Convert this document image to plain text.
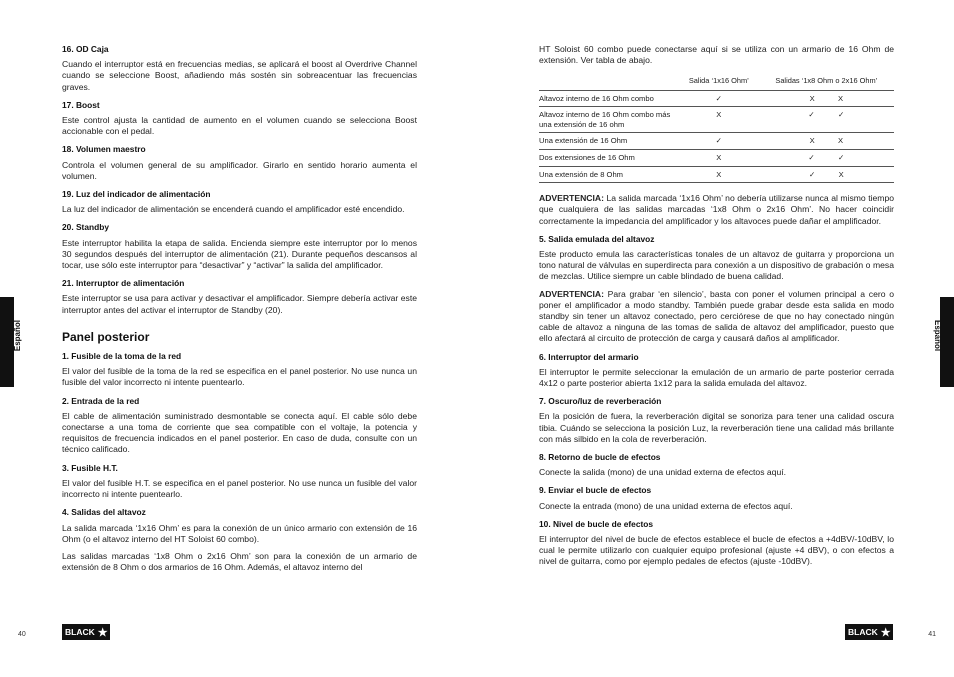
16. OD Caja

Cuando el interruptor está en frecuencias medias, se aplicará el boost al Overdrive Channel cuando se seleccione Boost, añadiendo más sostén sin sobreacentuar las frecuencias graves.

17. Boost

Este control ajusta la cantidad de aumento en el volumen cuando se selecciona Boost accionable con el pedal.

18. Volumen maestro

Controla el volumen general de su amplificador. Girarlo en sentido horario aumenta el volumen.

19. Luz del indicador de alimentación

La luz del indicador de alimentación se encenderá cuando el amplificador esté encendido.

20. Standby

Este interruptor habilita la etapa de salida. Encienda siempre este interruptor por lo menos 30 segundos después del interruptor de alimentación (21). Durante pequeños descansos al tocar, use sólo este interruptor para “desactivar” y “activar” la salida del amplificador.

21. Interruptor de alimentación

Este interruptor se usa para activar y desactivar el amplificador. Siempre debería activar este interruptor antes del activar el interruptor de Standby (20).

Panel posterior
1. Fusible de la toma de la red

El valor del fusible de la toma de la red se especifica en el panel posterior. No use nunca un fusible del valor incorrecto ni intente puentearlo.

2. Entrada de la red

El cable de alimentación suministrado desmontable se conecta aquí. El cable sólo debe conectarse a una toma de corriente que sea compatible con el voltaje, la potencia y requisitos de frecuencia indicados en el panel posterior. En caso de duda, consulte con un técnico calificado.

3. Fusible H.T.

El valor del fusible H.T. se especifica en el panel posterior. No use nunca un fusible del valor incorrecto ni intente puentearlo.

4. Salidas del altavoz

La salida marcada ‘1x16 Ohm’ es para la conexión de un único armario con extensión de 16 Ohm (o el altavoz interno del HT Soloist 60 combo).

Las salidas marcadas ‘1x8 Ohm o 2x16 Ohm’ son para la conexión de un armario de extensión de 8 Ohm o dos armarios de 16 Ohm. Además, el altavoz interno del

Español
40	BLACK ★

HT Soloist 60 combo puede conectarse aquí si se utiliza con un armario de 16 Ohm de extensión. Ver tabla de abajo.

	Salida ‘1x16 Ohm’	Salidas ‘1x8 Ohm o 2x16 Ohm’
Altavoz interno de 16 Ohm combo	✓	X X
Altavoz interno de 16 Ohm combo más una extensión de 16 ohm	X	✓ ✓
Una extensión de 16 Ohm	✓	X X
Dos extensiones de 16 Ohm	X	✓ ✓
Una extensión de 8 Ohm	X	✓ X

ADVERTENCIA: La salida marcada ‘1x16 Ohm’ no debería utilizarse nunca al mismo tiempo que cualquiera de las salidas marcadas ‘1x8 Ohm o 2x16 Ohm’. No hacer coincidir correctamente la impedancia del amplificador y los altavoces puede dañar el amplificador.

5. Salida emulada del altavoz

Este producto emula las características tonales de un altavoz de guitarra y proporciona un tono natural de válvulas en superdirecta para conexión a un dispositivo de grabación o mesa de mezclas. Utilice siempre un cable blindado de buena calidad.

ADVERTENCIA: Para grabar ‘en silencio’, basta con poner el volumen principal a cero o poner el amplificador a modo standby. También puede grabar desde esta salida en modo standby sin tener un altavoz conectado, pero cerciórese de que no hay conectado ningún cable de altavoz a ninguna de las tomas de salida de altavoz del amplificador, puesto que ello afectará al circuito de protección de carga y causará daños al amplificador.

6. Interruptor del armario

El interruptor le permite seleccionar la emulación de un armario de parte posterior cerrada 4x12 o parte posterior abierta 1x12 para la salida emulada del altavoz.

7. Oscuro/luz de reverberación

En la posición de fuera, la reverberación digital se sonoriza para tener una calidad oscura tibia. Cuándo se selecciona la posición Luz, la reverberación tiene una calidad más brillante con más silbido en la cola de reverberación.

8. Retorno de bucle de efectos

Conecte la salida (mono) de una unidad externa de efectos aquí.

9. Enviar el bucle de efectos

Conecte la entrada (mono) de una unidad externa de efectos aquí.

10. Nivel de bucle de efectos

El interruptor del nivel de bucle de efectos establece el bucle de efectos a +4dBV/-10dBV, lo cual le permite utilizarlo con cualquier equipo profesional (ajuste +4 dBV), o con efectos a nivel de guitarra, como por ejemplo pedales de efectos (ajuste -10dBV).

Español
41
BLACK ★
